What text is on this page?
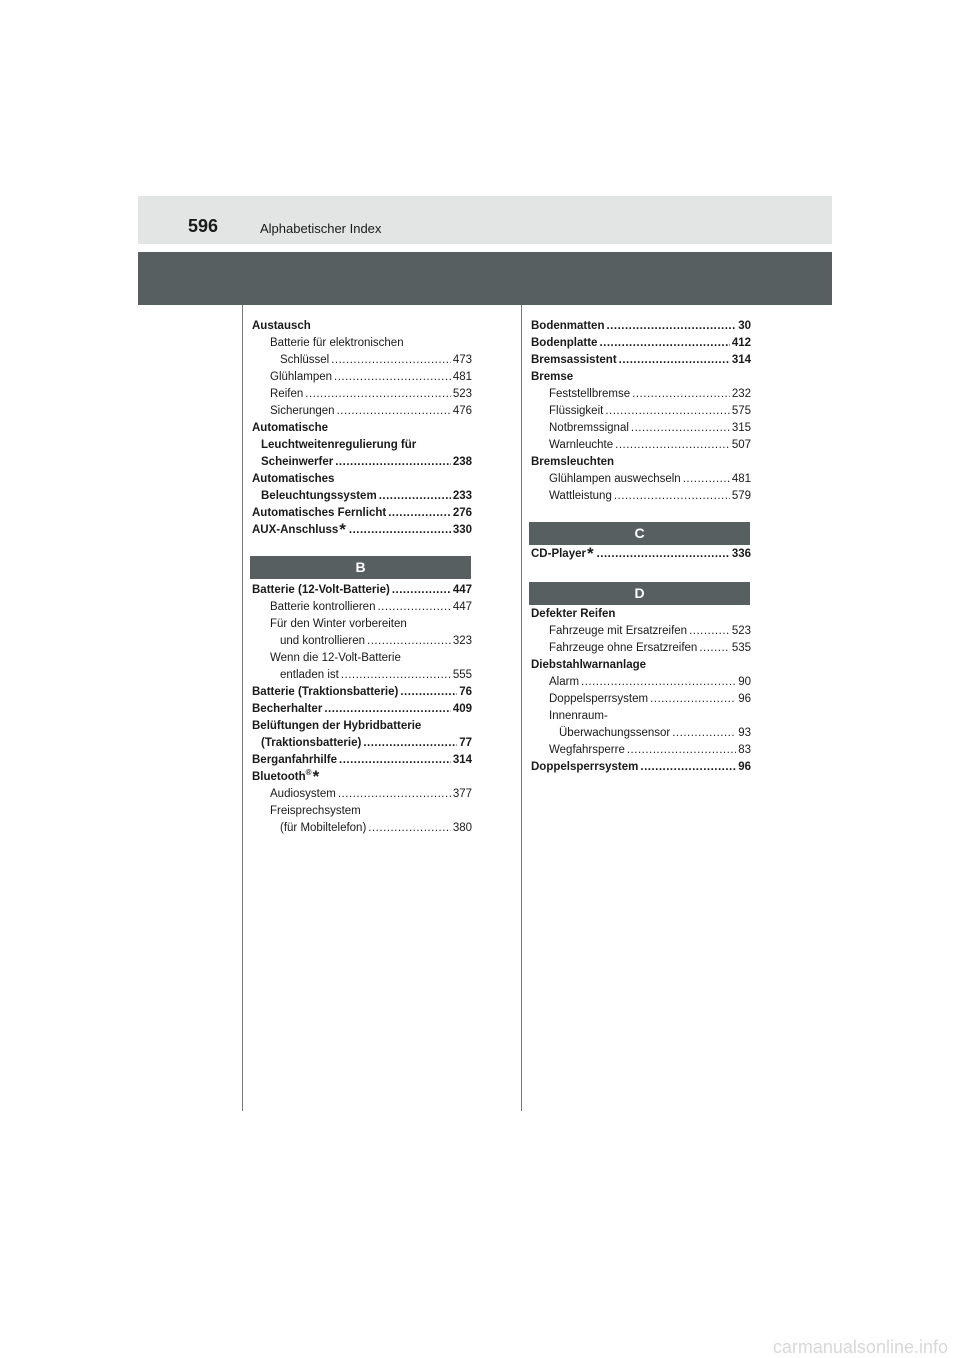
596	Alphabetischer Index
Austausch
Batterie für elektronischen
Schlüssel .....	473
Glühlampen .....	481
Reifen .....	523
Sicherungen .....	476
Automatische
Leuchtweitenregulierung für
Scheinwerfer .....	238
Automatisches
Beleuchtungssystem .....	233
Automatisches Fernlicht .....	276
AUX-Anschluss* .....	330
B
Batterie (12-Volt-Batterie) .....	447
Batterie kontrollieren .....	447
Für den Winter vorbereiten
und kontrollieren .....	323
Wenn die 12-Volt-Batterie
entladen ist .....	555
Batterie (Traktionsbatterie) .....	76
Becherhalter .....	409
Belüftungen der Hybridbatterie
(Traktionsbatterie) .....	77
Berganfahrhilfe .....	314
Bluetooth®*
Audiosystem .....	377
Freisprechsystem
(für Mobiltelefon) .....	380
Bodenmatten .....	30
Bodenplatte .....	412
Bremsassistent .....	314
Bremse
Feststellbremse .....	232
Flüssigkeit .....	575
Notbremssignal .....	315
Warnleuchte .....	507
Bremsleuchten
Glühlampen auswechseln .....	481
Wattleistung .....	579
C
CD-Player* .....	336
D
Defekter Reifen
Fahrzeuge mit Ersatzreifen .....	523
Fahrzeuge ohne Ersatzreifen .....	535
Diebstahlwarnanlage
Alarm .....	90
Doppelsperrsystem .....	96
Innenraum-
Überwachungssensor .....	93
Wegfahrsperre .....	83
Doppelsperrsystem .....	96
carmanualsonline.info
